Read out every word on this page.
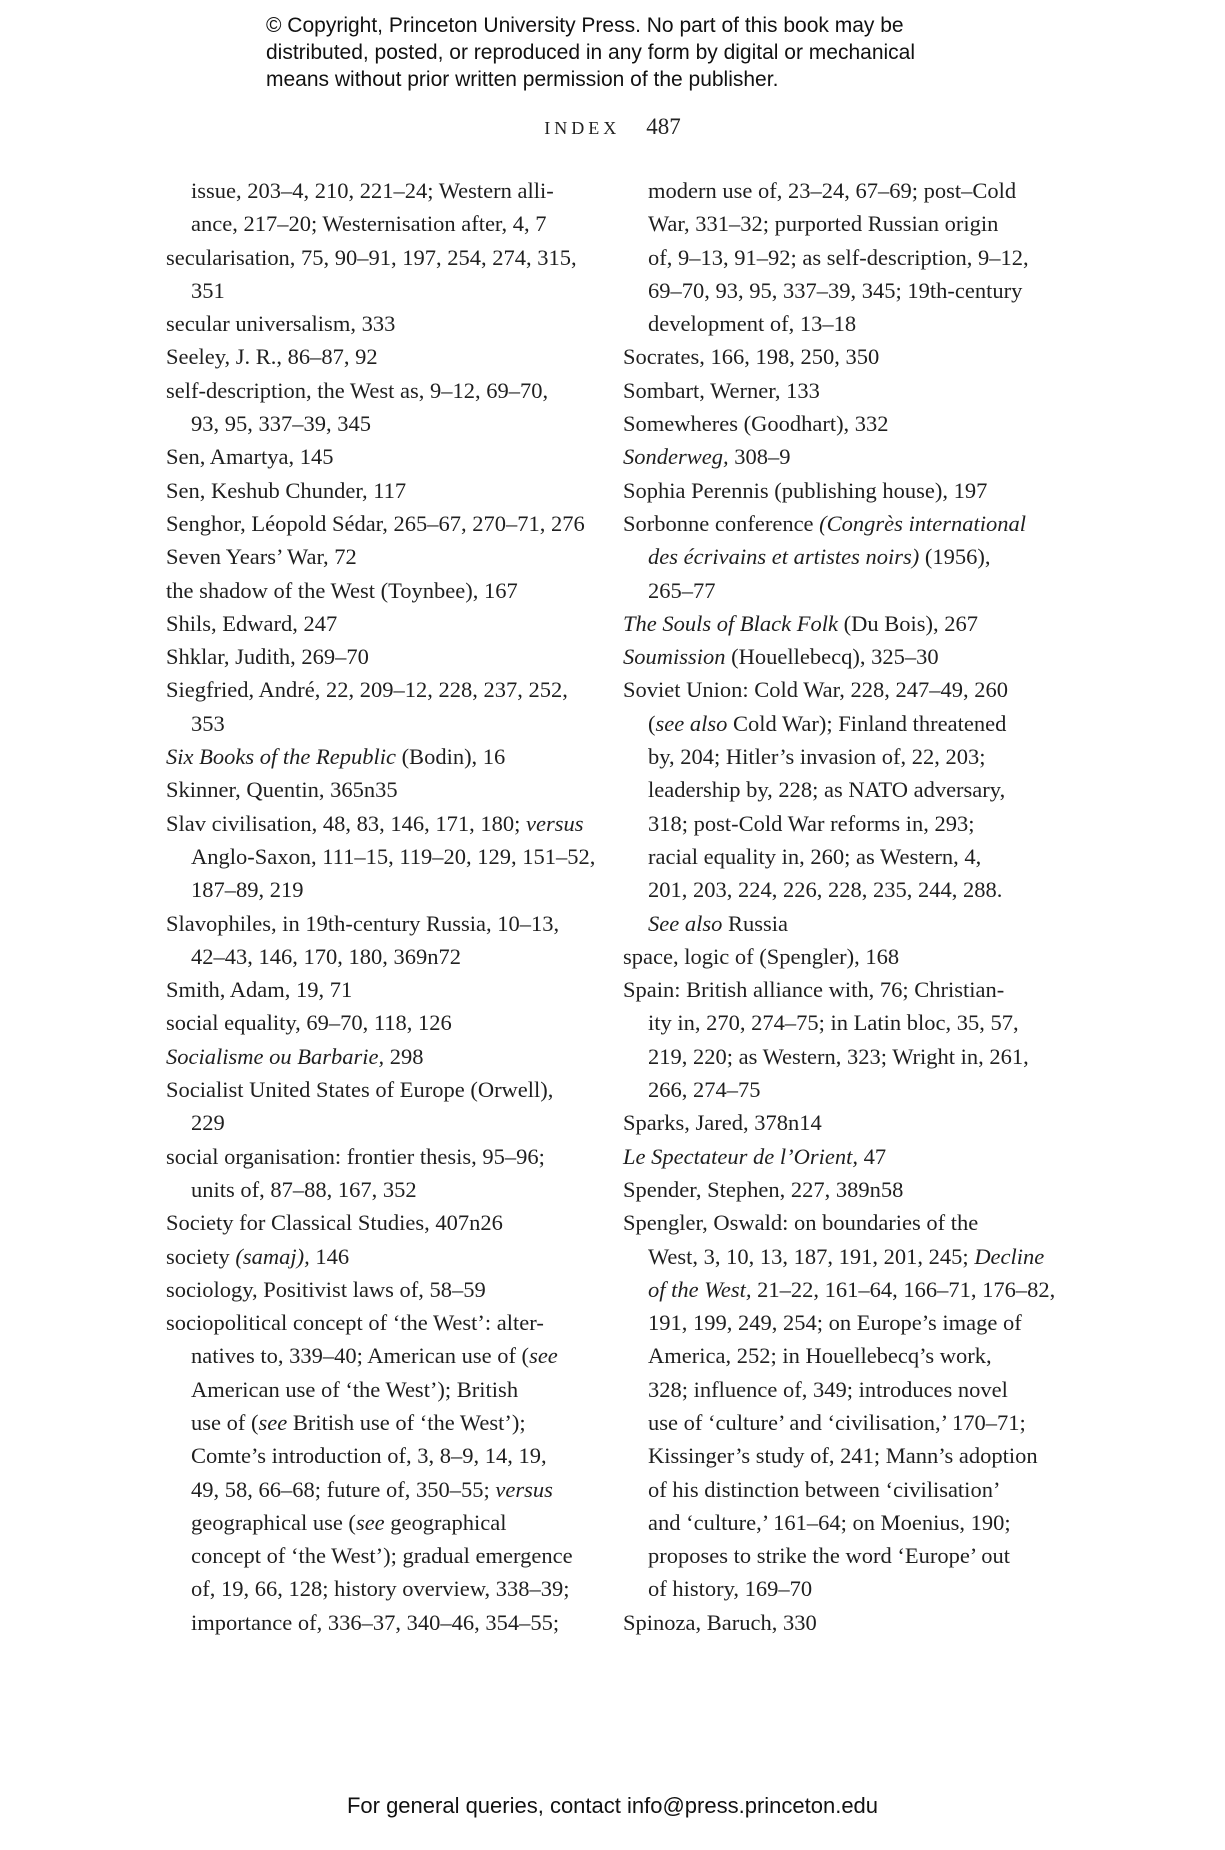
© Copyright, Princeton University Press. No part of this book may be
distributed, posted, or reproduced in any form by digital or mechanical
means without prior written permission of the publisher.
INDEX 487
issue, 203–4, 210, 221–24; Western alli-
ance, 217–20; Westernisation after, 4, 7
secularisation, 75, 90–91, 197, 254, 274, 315,
351
secular universalism, 333
Seeley, J. R., 86–87, 92
self-description, the West as, 9–12, 69–70,
93, 95, 337–39, 345
Sen, Amartya, 145
Sen, Keshub Chunder, 117
Senghor, Léopold Sédar, 265–67, 270–71, 276
Seven Years’ War, 72
the shadow of the West (Toynbee), 167
Shils, Edward, 247
Shklar, Judith, 269–70
Siegfried, André, 22, 209–12, 228, 237, 252,
353
Six Books of the Republic (Bodin), 16
Skinner, Quentin, 365n35
Slav civilisation, 48, 83, 146, 171, 180; versus
Anglo-Saxon, 111–15, 119–20, 129, 151–52,
187–89, 219
Slavophiles, in 19th-century Russia, 10–13,
42–43, 146, 170, 180, 369n72
Smith, Adam, 19, 71
social equality, 69–70, 118, 126
Socialisme ou Barbarie, 298
Socialist United States of Europe (Orwell),
229
social organisation: frontier thesis, 95–96;
units of, 87–88, 167, 352
Society for Classical Studies, 407n26
society (samaj), 146
sociology, Positivist laws of, 58–59
sociopolitical concept of ‘the West’: alter-
natives to, 339–40; American use of (see
American use of ‘the West’); British
use of (see British use of ‘the West’);
Comte’s introduction of, 3, 8–9, 14, 19,
49, 58, 66–68; future of, 350–55; versus
geographical use (see geographical
concept of ‘the West’); gradual emergence
of, 19, 66, 128; history overview, 338–39;
importance of, 336–37, 340–46, 354–55;
modern use of, 23–24, 67–69; post–Cold
War, 331–32; purported Russian origin
of, 9–13, 91–92; as self-description, 9–12,
69–70, 93, 95, 337–39, 345; 19th-century
development of, 13–18
Socrates, 166, 198, 250, 350
Sombart, Werner, 133
Somewheres (Goodhart), 332
Sonderweg, 308–9
Sophia Perennis (publishing house), 197
Sorbonne conference (Congrès international
des écrivains et artistes noirs) (1956),
265–77
The Souls of Black Folk (Du Bois), 267
Soumission (Houellebecq), 325–30
Soviet Union: Cold War, 228, 247–49, 260
(see also Cold War); Finland threatened
by, 204; Hitler’s invasion of, 22, 203;
leadership by, 228; as NATO adversary,
318; post-Cold War reforms in, 293;
racial equality in, 260; as Western, 4,
201, 203, 224, 226, 228, 235, 244, 288.
See also Russia
space, logic of (Spengler), 168
Spain: British alliance with, 76; Christian-
ity in, 270, 274–75; in Latin bloc, 35, 57,
219, 220; as Western, 323; Wright in, 261,
266, 274–75
Sparks, Jared, 378n14
Le Spectateur de l’Orient, 47
Spender, Stephen, 227, 389n58
Spengler, Oswald: on boundaries of the
West, 3, 10, 13, 187, 191, 201, 245; Decline
of the West, 21–22, 161–64, 166–71, 176–82,
191, 199, 249, 254; on Europe’s image of
America, 252; in Houellebecq’s work,
328; influence of, 349; introduces novel
use of ‘culture’ and ‘civilisation,’ 170–71;
Kissinger’s study of, 241; Mann’s adoption
of his distinction between ‘civilisation’
and ‘culture,’ 161–64; on Moenius, 190;
proposes to strike the word ‘Europe’ out
of history, 169–70
Spinoza, Baruch, 330
For general queries, contact info@press.princeton.edu
